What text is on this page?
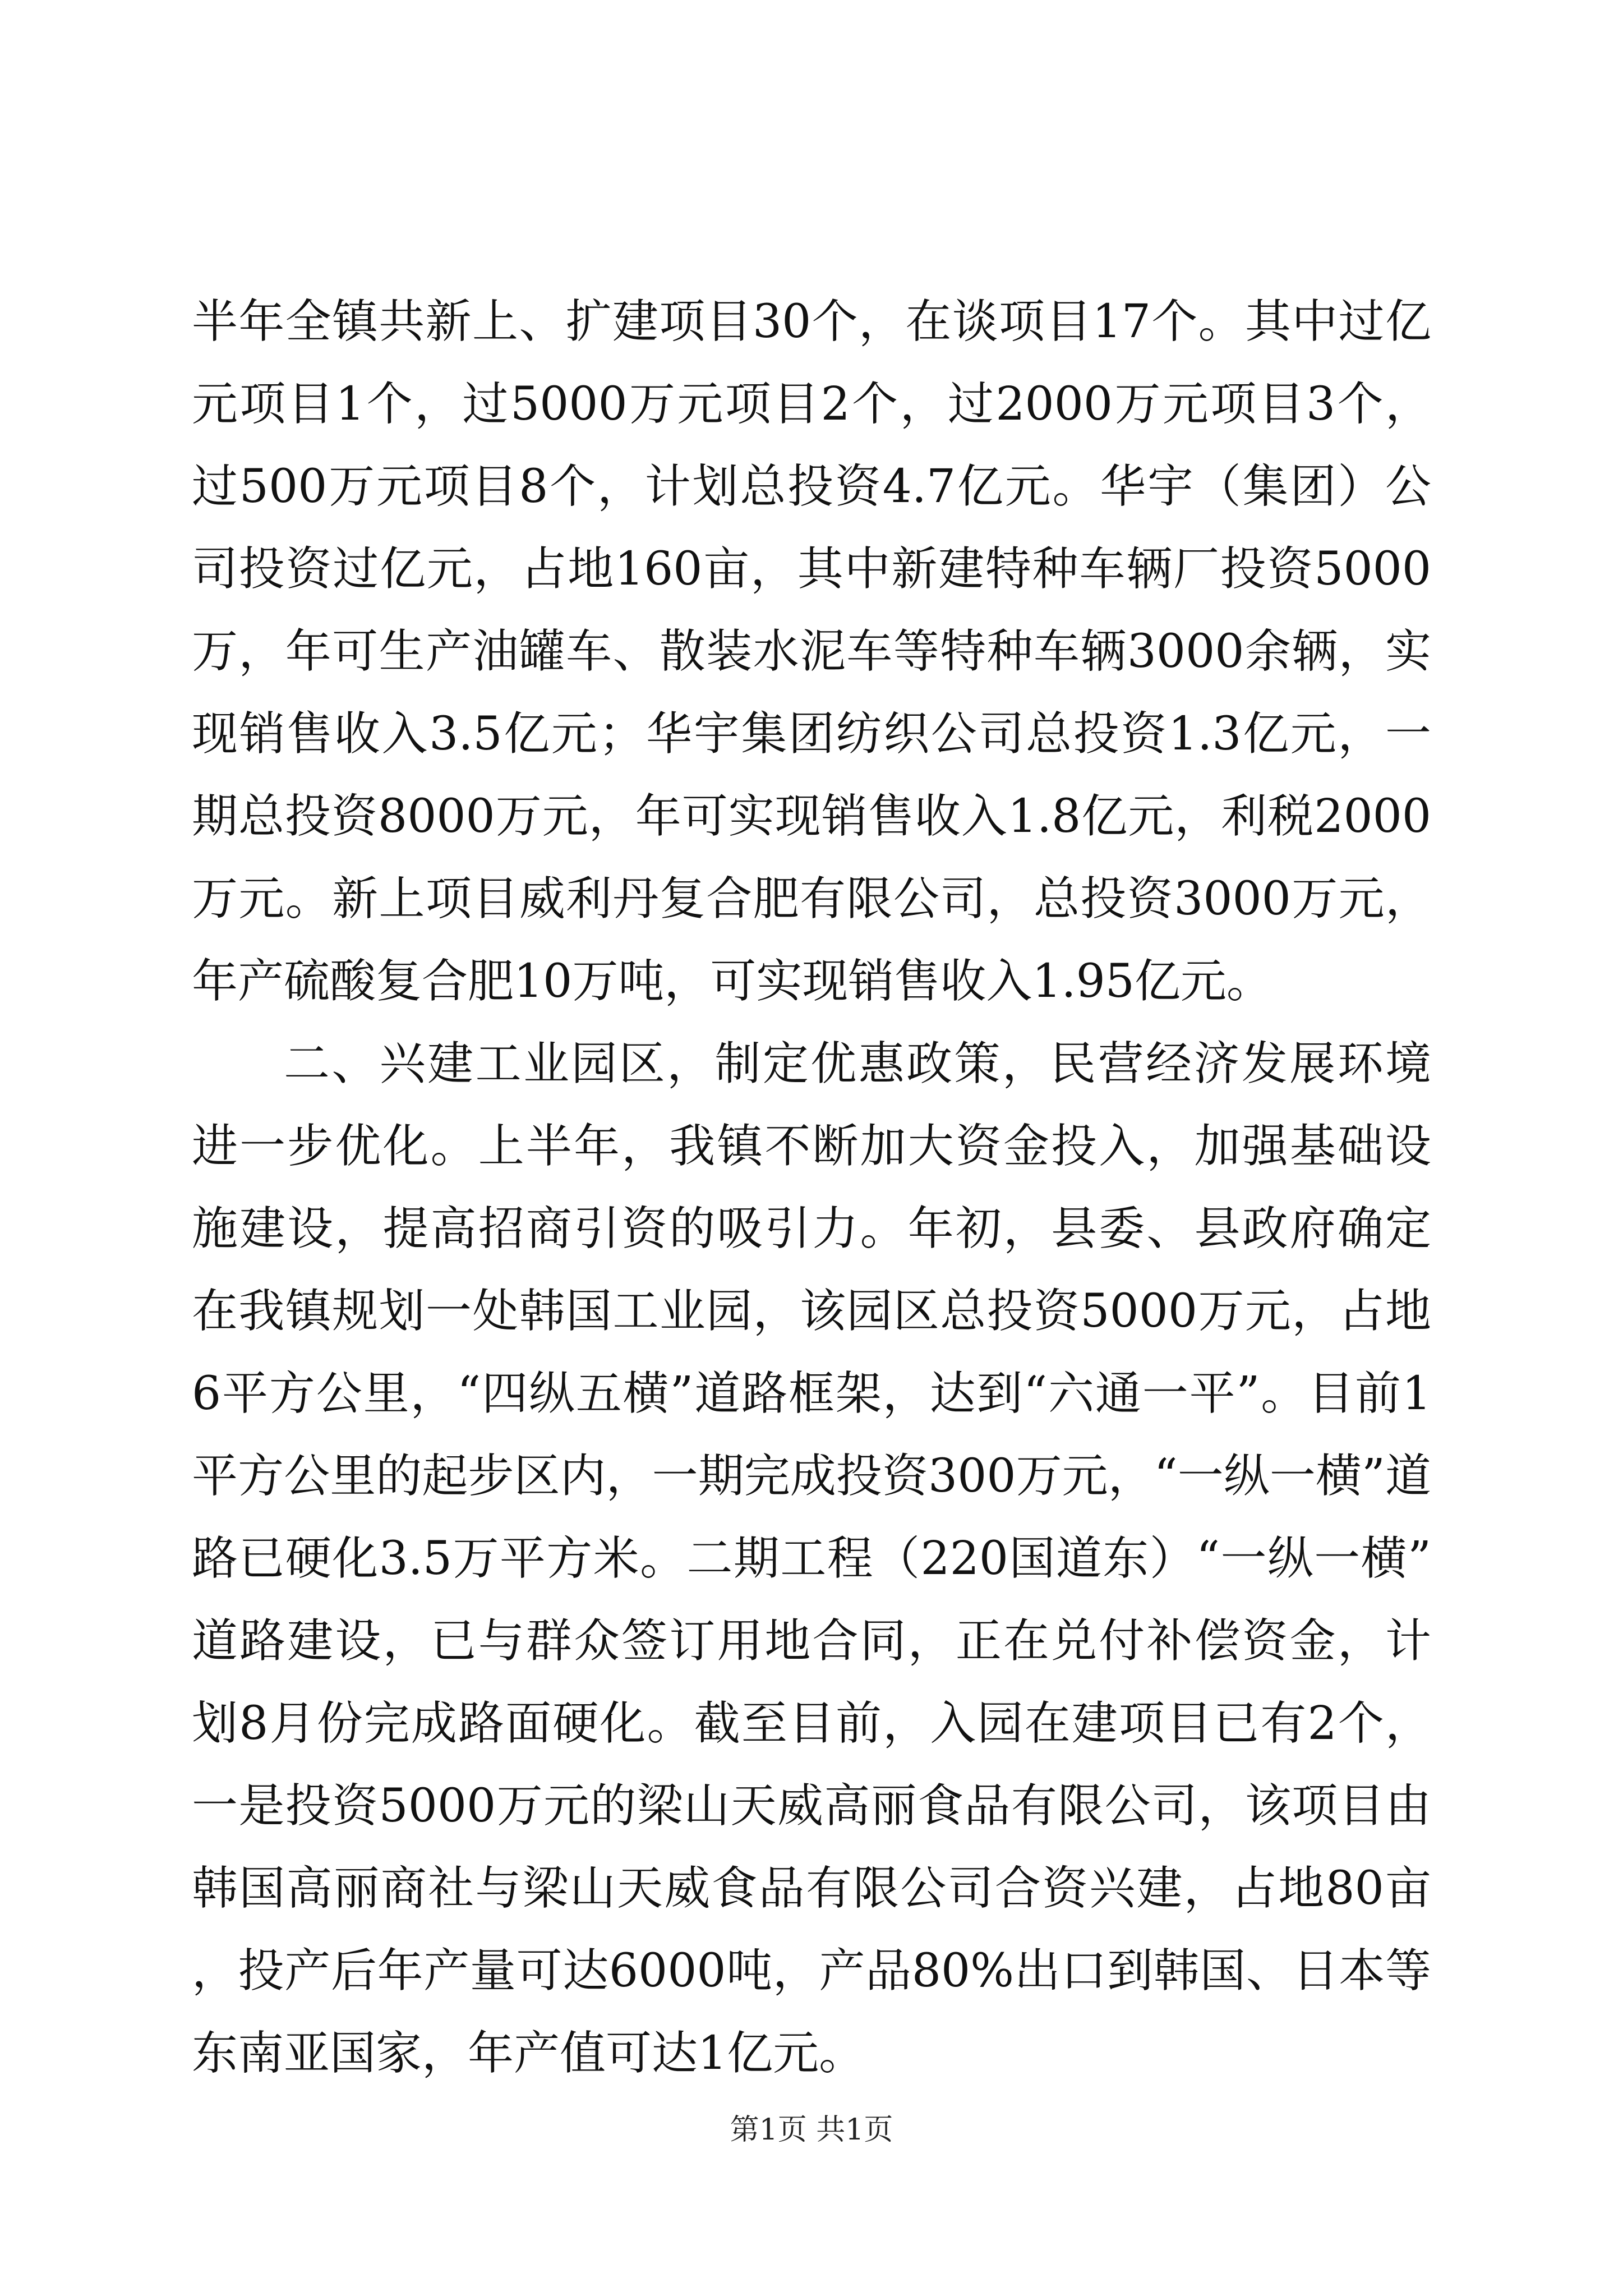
半年全镇共新上、扩建项目30个，在谈项目17个。其中过亿元项目1个，过5000万元项目2个，过2000万元项目3个，过500万元项目8个，计划总投资4.7亿元。华宇（集团）公司投资过亿元，占地160亩，其中新建特种车辆厂投资5000万，年可生产油罐车、散装水泥车等特种车辆3000余辆，实现销售收入3.5亿元；华宇集团纺织公司总投资1.3亿元，一期总投资8000万元，年可实现销售收入1.8亿元，利税2000万元。新上项目威利丹复合肥有限公司，总投资3000万元，年产硫酸复合肥10万吨，可实现销售收入1.95亿元。

二、兴建工业园区，制定优惠政策，民营经济发展环境进一步优化。上半年，我镇不断加大资金投入，加强基础设施建设，提高招商引资的吸引力。年初，县委、县政府确定在我镇规划一处韩国工业园，该园区总投资5000万元，占地6平方公里，“四纵五横”道路框架，达到“六通一平”。目前1平方公里的起步区内，一期完成投资300万元，“一纵一横”道路已硬化3.5万平方米。二期工程（220国道东）“一纵一横”道路建设，已与群众签订用地合同，正在兑付补偿资金，计划8月份完成路面硬化。截至目前，入园在建项目已有2个，一是投资5000万元的梁山天威高丽食品有限公司，该项目由韩国高丽商社与梁山天威食品有限公司合资兴建，占地80亩，投产后年产量可达6000吨，产品80%出口到韩国、日本等东南亚国家，年产值可达1亿元。

第1页 共1页
